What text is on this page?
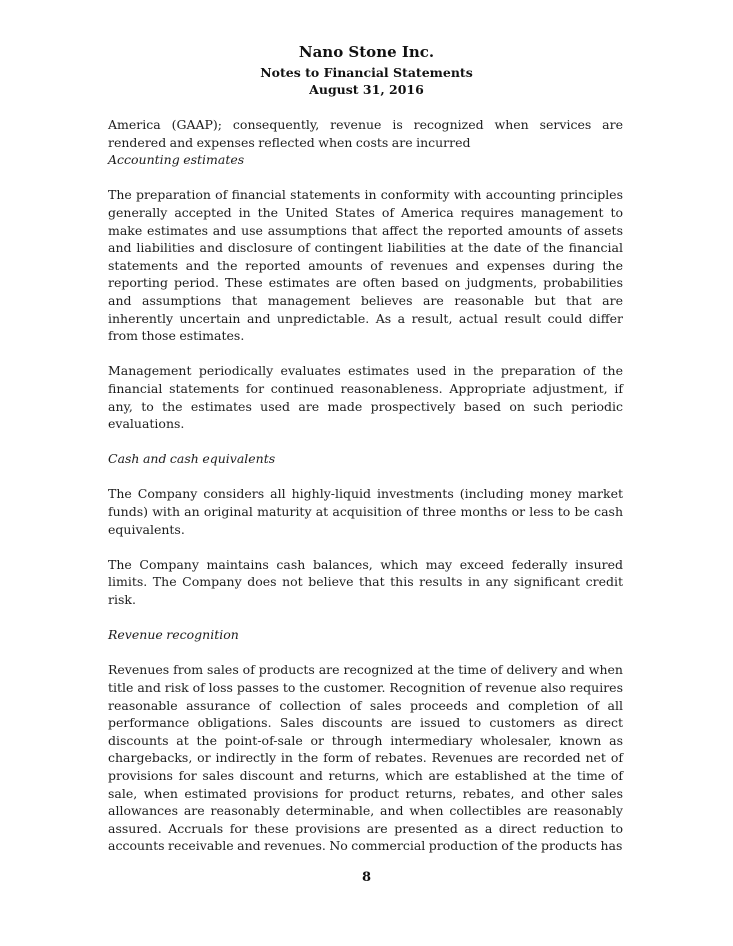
Nano Stone Inc.
Notes to Financial Statements
August 31, 2016

America (GAAP); consequently, revenue is recognized when services are rendered and expenses reflected when costs are incurred

Accounting estimates

The preparation of financial statements in conformity with accounting principles generally accepted in the United States of America requires management to make estimates and use assumptions that affect the reported amounts of assets and liabilities and disclosure of contingent liabilities at the date of the financial statements and the reported amounts of revenues and expenses during the reporting period. These estimates are often based on judgments, probabilities and assumptions that management believes are reasonable but that are inherently uncertain and unpredictable. As a result, actual result could differ from those estimates.

Management periodically evaluates estimates used in the preparation of the financial statements for continued reasonableness. Appropriate adjustment, if any, to the estimates used are made prospectively based on such periodic evaluations.

Cash and cash equivalents

The Company considers all highly-liquid investments (including money market funds) with an original maturity at acquisition of three months or less to be cash equivalents.

The Company maintains cash balances, which may exceed federally insured limits. The Company does not believe that this results in any significant credit risk.

Revenue recognition

Revenues from sales of products are recognized at the time of delivery and when title and risk of loss passes to the customer. Recognition of revenue also requires reasonable assurance of collection of sales proceeds and completion of all performance obligations. Sales discounts are issued to customers as direct discounts at the point-of-sale or through intermediary wholesaler, known as chargebacks, or indirectly in the form of rebates. Revenues are recorded net of provisions for sales discount and returns, which are established at the time of sale, when estimated provisions for product returns, rebates, and other sales allowances are reasonably determinable, and when collectibles are reasonably assured. Accruals for these provisions are presented as a direct reduction to accounts receivable and revenues. No commercial production of the products has

8
